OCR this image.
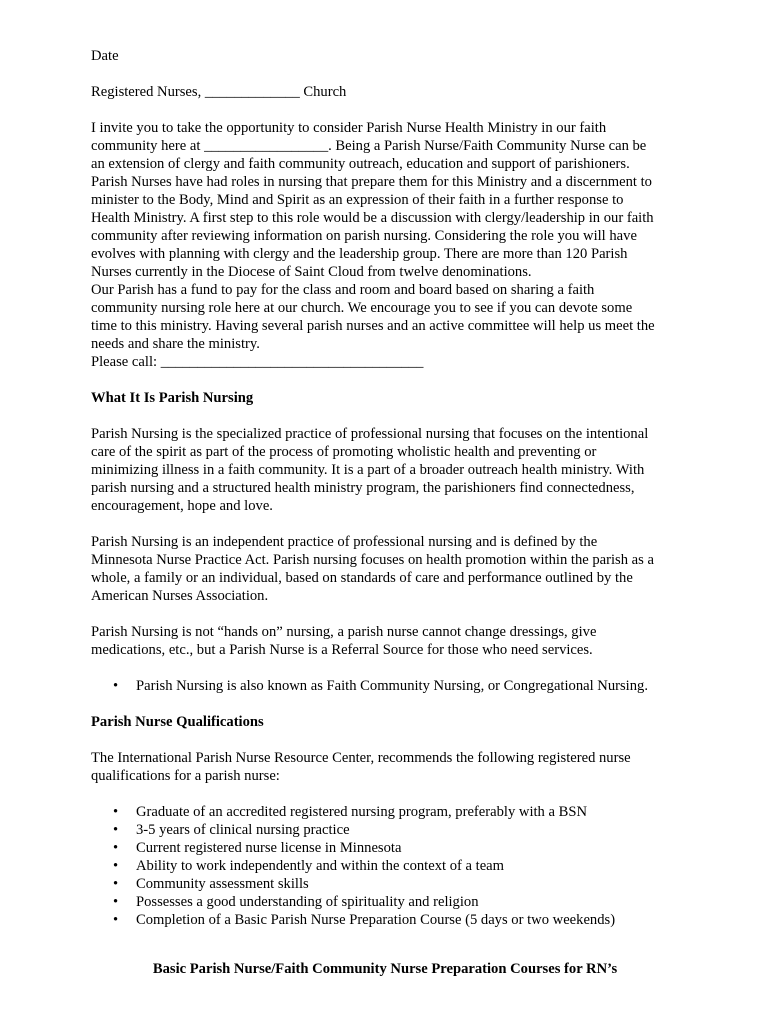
Date

Registered Nurses, _____________ Church

I invite you to take the opportunity to consider Parish Nurse Health Ministry in our faith

community here at _________________. Being a Parish Nurse/Faith Community Nurse can be

an extension of clergy and faith community outreach, education and support of parishioners.

Parish Nurses have had roles in nursing that prepare them for this Ministry and a discernment to

minister to the Body, Mind and Spirit as an expression of their faith in a further response to

Health Ministry. A first step to this role would be a discussion with clergy/leadership in our faith

community after reviewing information on parish nursing. Considering the role you will have

evolves with planning with clergy and the leadership group. There are more than 120 Parish

Nurses currently in the Diocese of Saint Cloud from twelve denominations.

Our Parish has a fund to pay for the class and room and board based on sharing a faith

community nursing role here at our church. We encourage you to see if you can devote some

time to this ministry. Having several parish nurses and an active committee will help us meet the

needs and share the ministry.

Please call: ____________________________________

What It Is Parish Nursing

Parish Nursing is the specialized practice of professional nursing that focuses on the intentional

care of the spirit as part of the process of promoting wholistic health and preventing or

minimizing illness in a faith community. It is a part of a broader outreach health ministry. With

parish nursing and a structured health ministry program, the parishioners find connectedness,

encouragement, hope and love.

Parish Nursing is an independent practice of professional nursing and is defined by the

Minnesota Nurse Practice Act. Parish nursing focuses on health promotion within the parish as a

whole, a family or an individual, based on standards of care and performance outlined by the

American Nurses Association.

Parish Nursing is not “hands on” nursing, a parish nurse cannot change dressings, give

medications, etc., but a Parish Nurse is a Referral Source for those who need services.

• Parish Nursing is also known as Faith Community Nursing, or Congregational Nursing.

Parish Nurse Qualifications

The International Parish Nurse Resource Center, recommends the following registered nurse

qualifications for a parish nurse:

• Graduate of an accredited registered nursing program, preferably with a BSN
• 3-5 years of clinical nursing practice
• Current registered nurse license in Minnesota
• Ability to work independently and within the context of a team
• Community assessment skills
• Possesses a good understanding of spirituality and religion
• Completion of a Basic Parish Nurse Preparation Course (5 days or two weekends)

Basic Parish Nurse/Faith Community Nurse Preparation Courses for RN’s
